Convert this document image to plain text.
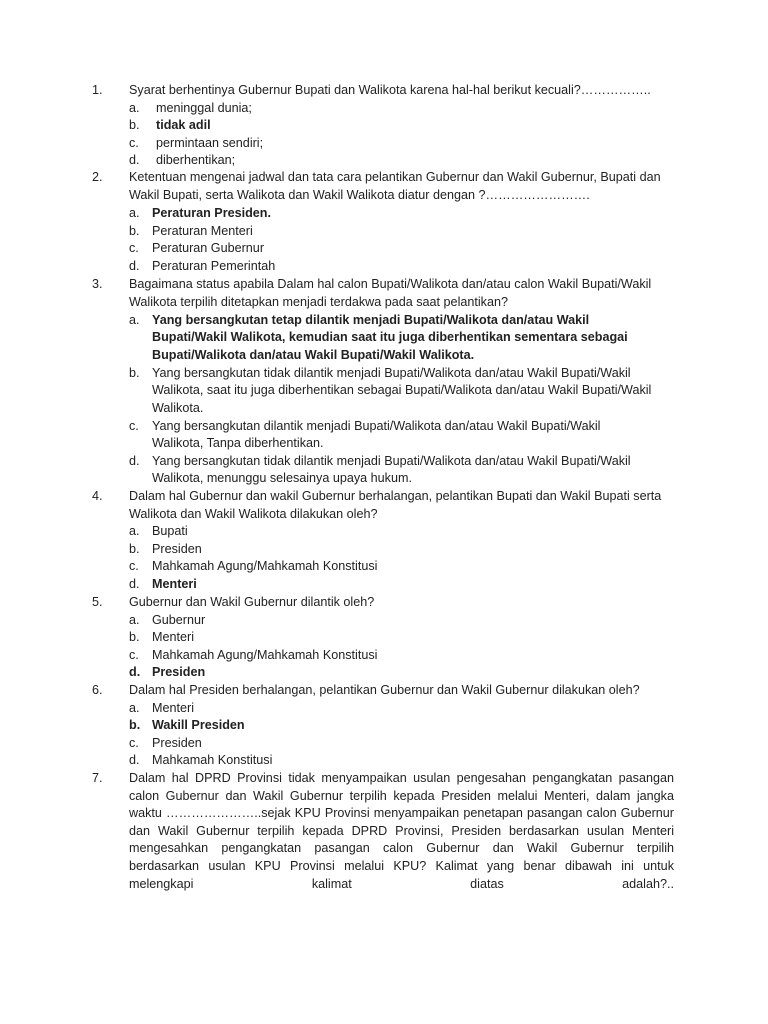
1. Syarat berhentinya Gubernur Bupati dan Walikota karena hal-hal berikut kecuali?……………..
a. meninggal dunia;
b. tidak adil
c. permintaan sendiri;
d. diberhentikan;
2. Ketentuan mengenai jadwal dan tata cara pelantikan Gubernur dan Wakil Gubernur, Bupati dan Wakil Bupati, serta Walikota dan Wakil Walikota diatur dengan ?…………………….
a. Peraturan Presiden.
b. Peraturan Menteri
c. Peraturan Gubernur
d. Peraturan Pemerintah
3. Bagaimana status apabila Dalam hal calon Bupati/Walikota dan/atau calon Wakil Bupati/Wakil Walikota terpilih ditetapkan menjadi terdakwa pada saat pelantikan?
a. Yang bersangkutan tetap dilantik menjadi Bupati/Walikota dan/atau Wakil Bupati/Wakil Walikota, kemudian saat itu juga diberhentikan sementara sebagai Bupati/Walikota dan/atau Wakil Bupati/Wakil Walikota.
b. Yang bersangkutan tidak dilantik menjadi Bupati/Walikota dan/atau Wakil Bupati/Wakil Walikota, saat itu juga diberhentikan sebagai Bupati/Walikota dan/atau Wakil Bupati/Wakil Walikota.
c. Yang bersangkutan dilantik menjadi Bupati/Walikota dan/atau Wakil Bupati/Wakil Walikota, Tanpa diberhentikan.
d. Yang bersangkutan tidak dilantik menjadi Bupati/Walikota dan/atau Wakil Bupati/Wakil Walikota, menunggu selesainya upaya hukum.
4. Dalam hal Gubernur dan wakil Gubernur berhalangan, pelantikan Bupati dan Wakil Bupati serta Walikota dan Wakil Walikota dilakukan oleh?
a. Bupati
b. Presiden
c. Mahkamah Agung/Mahkamah Konstitusi
d. Menteri
5. Gubernur dan Wakil Gubernur dilantik oleh?
a. Gubernur
b. Menteri
c. Mahkamah Agung/Mahkamah Konstitusi
d. Presiden
6. Dalam hal Presiden berhalangan, pelantikan Gubernur dan Wakil Gubernur dilakukan oleh?
a. Menteri
b. Wakill Presiden
c. Presiden
d. Mahkamah Konstitusi
7. Dalam hal DPRD Provinsi tidak menyampaikan usulan pengesahan pengangkatan pasangan
calon Gubernur dan Wakil Gubernur terpilih kepada Presiden melalui Menteri, dalam jangka
waktu …………………..sejak KPU Provinsi menyampaikan penetapan pasangan calon Gubernur
dan Wakil Gubernur terpilih kepada DPRD Provinsi, Presiden berdasarkan usulan Menteri
mengesahkan pengangkatan pasangan calon Gubernur dan Wakil Gubernur terpilih
berdasarkan usulan KPU Provinsi melalui KPU? Kalimat yang benar dibawah ini untuk
melengkapi kalimat diatas adalah?..
